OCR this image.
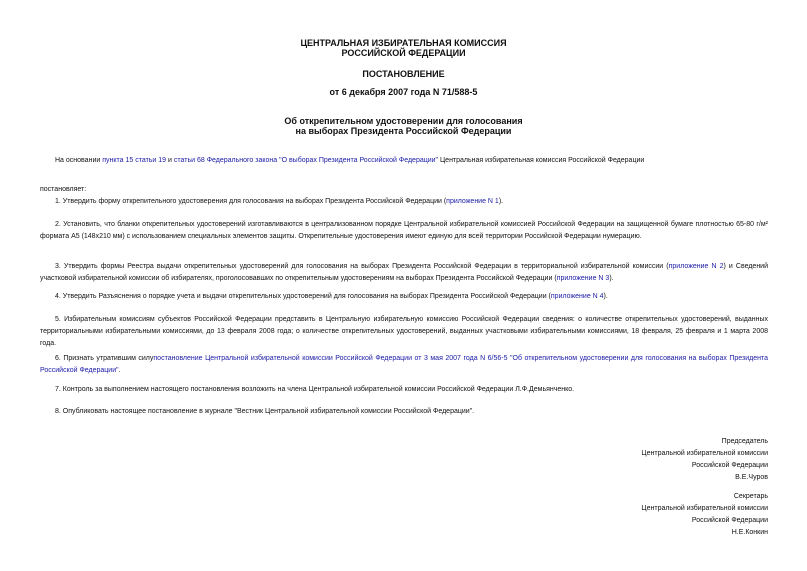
ЦЕНТРАЛЬНАЯ ИЗБИРАТЕЛЬНАЯ КОМИССИЯ
РОССИЙСКОЙ ФЕДЕРАЦИИ
ПОСТАНОВЛЕНИЕ
от 6 декабря 2007 года N 71/588-5
Об открепительном удостоверении для голосования
на выборах Президента Российской Федерации
На основании пункта 15 статьи 19 и статьи 68 Федерального закона "О выборах Президента Российской Федерации" Центральная избирательная комиссия Российской Федерации
постановляет:
1. Утвердить форму открепительного удостоверения для голосования на выборах Президента Российской Федерации (приложение N 1).
2. Установить, что бланки открепительных удостоверений изготавливаются в централизованном порядке Центральной избирательной комиссией Российской Федерации на защищенной бумаге плотностью 65-80 г/м² формата А5 (148х210 мм) с использованием специальных элементов защиты. Открепительные удостоверения имеют единую для всей территории Российской Федерации нумерацию.
3. Утвердить формы Реестра выдачи открепительных удостоверений для голосования на выборах Президента Российской Федерации в территориальной избирательной комиссии (приложение N 2) и Сведений участковой избирательной комиссии об избирателях, проголосовавших по открепительным удостоверениям на выборах Президента Российской Федерации (приложение N 3).
4. Утвердить Разъяснения о порядке учета и выдачи открепительных удостоверений для голосования на выборах Президента Российской Федерации (приложение N 4).
5. Избирательным комиссиям субъектов Российской Федерации представить в Центральную избирательную комиссию Российской Федерации сведения: о количестве открепительных удостоверений, выданных территориальными избирательными комиссиями, до 13 февраля 2008 года; о количестве открепительных удостоверений, выданных участковыми избирательными комиссиями, 18 февраля, 25 февраля и 1 марта 2008 года.
6. Признать утратившим силупостановление Центральной избирательной комиссии Российской Федерации от 3 мая 2007 года N 6/56-5 "Об открепительном удостоверении для голосования на выборах Президента Российской Федерации".
7. Контроль за выполнением настоящего постановления возложить на члена Центральной избирательной комиссии Российской Федерации Л.Ф.Демьянченко.
8. Опубликовать настоящее постановление в журнале "Вестник Центральной избирательной комиссии Российской Федерации".
Председатель
Центральной избирательной комиссии
Российской Федерации
В.Е.Чуров
Секретарь
Центральной избирательной комиссии
Российской Федерации
Н.Е.Конкин
